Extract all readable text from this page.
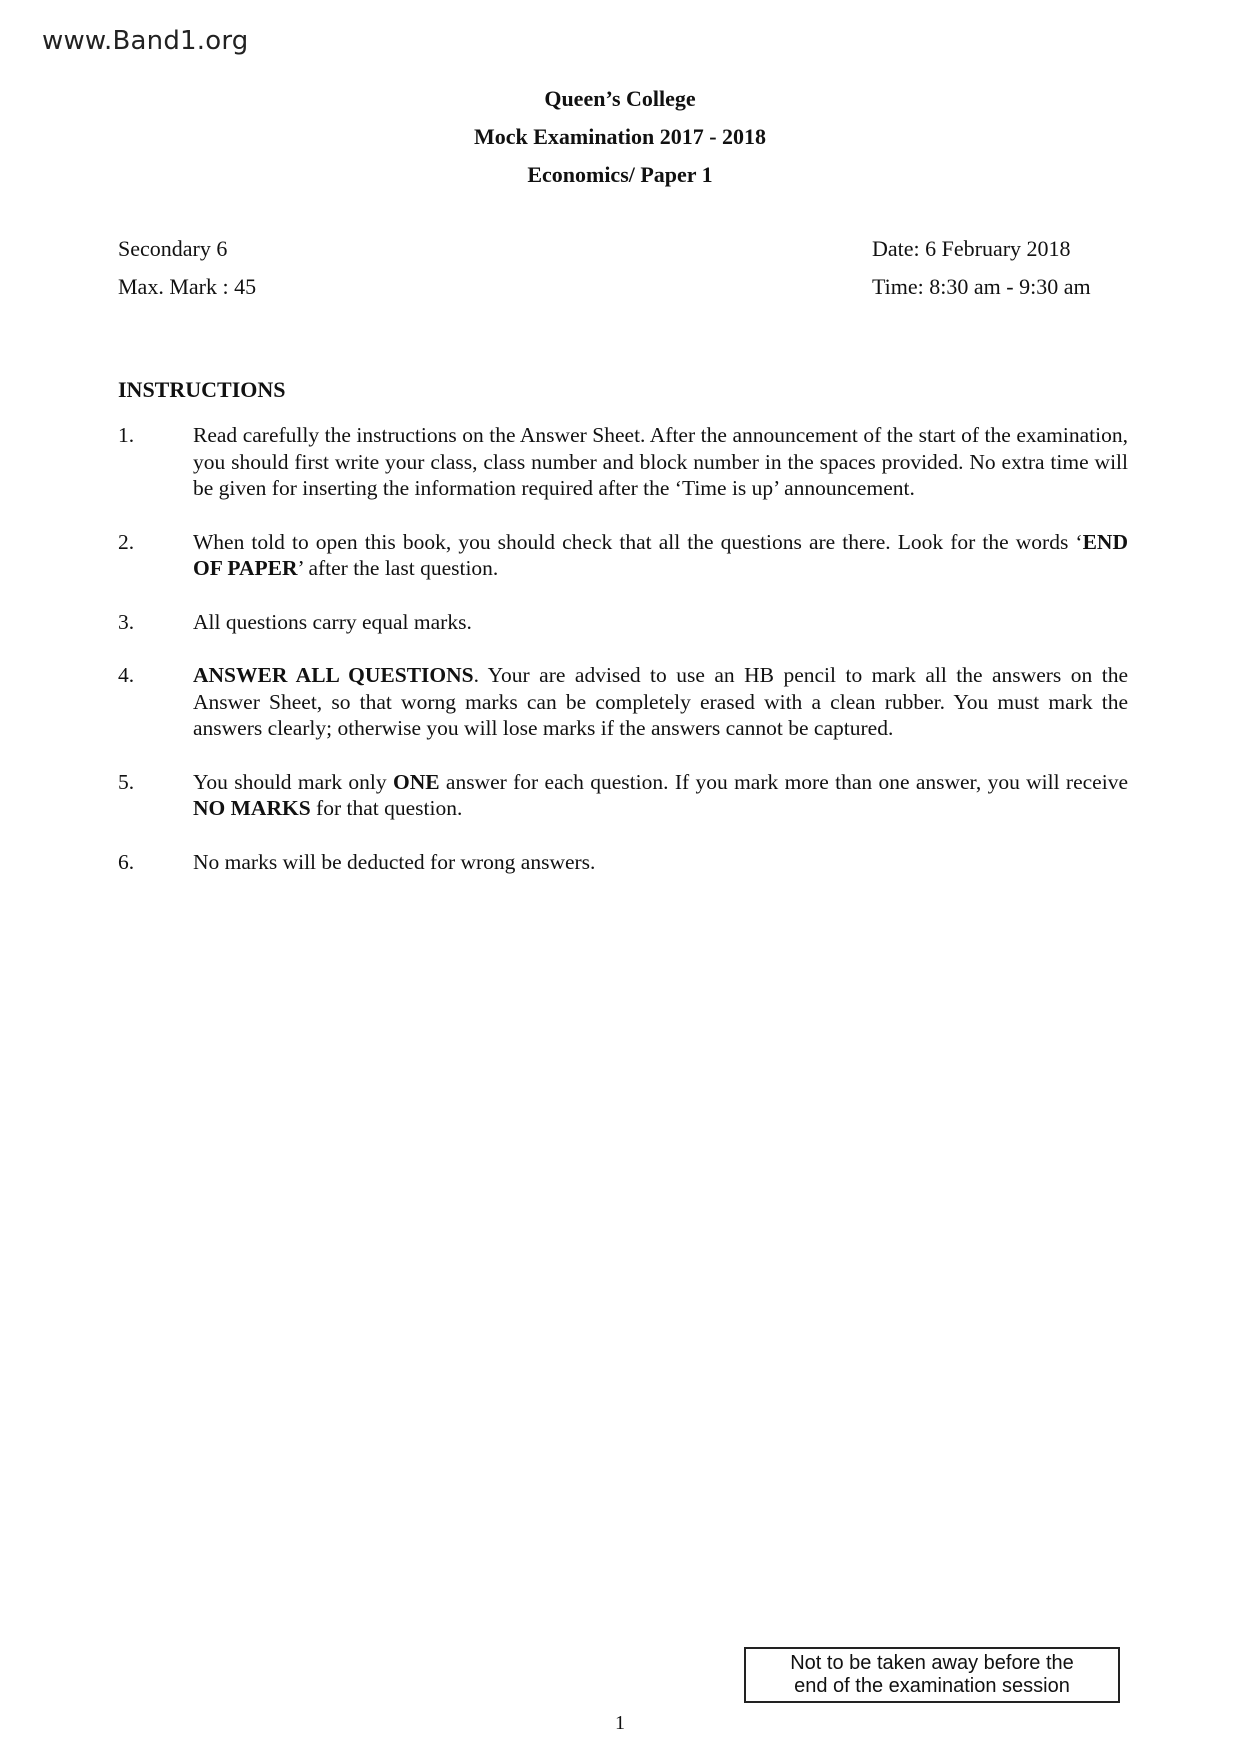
www.Band1.org
Queen’s College
Mock Examination 2017 - 2018
Economics/ Paper 1
Secondary 6
Max. Mark : 45
Date: 6 February 2018
Time: 8:30 am - 9:30 am
INSTRUCTIONS
1.	Read carefully the instructions on the Answer Sheet. After the announcement of the start of the examination, you should first write your class, class number and block number in the spaces provided. No extra time will be given for inserting the information required after the ‘Time is up’ announcement.
2.	When told to open this book, you should check that all the questions are there. Look for the words ‘END OF PAPER’ after the last question.
3.	All questions carry equal marks.
4.	ANSWER ALL QUESTIONS. Your are advised to use an HB pencil to mark all the answers on the Answer Sheet, so that worng marks can be completely erased with a clean rubber. You must mark the answers clearly; otherwise you will lose marks if the answers cannot be captured.
5.	You should mark only ONE answer for each question. If you mark more than one answer, you will receive NO MARKS for that question.
6.	No marks will be deducted for wrong answers.
Not to be taken away before the
end of the examination session
1
